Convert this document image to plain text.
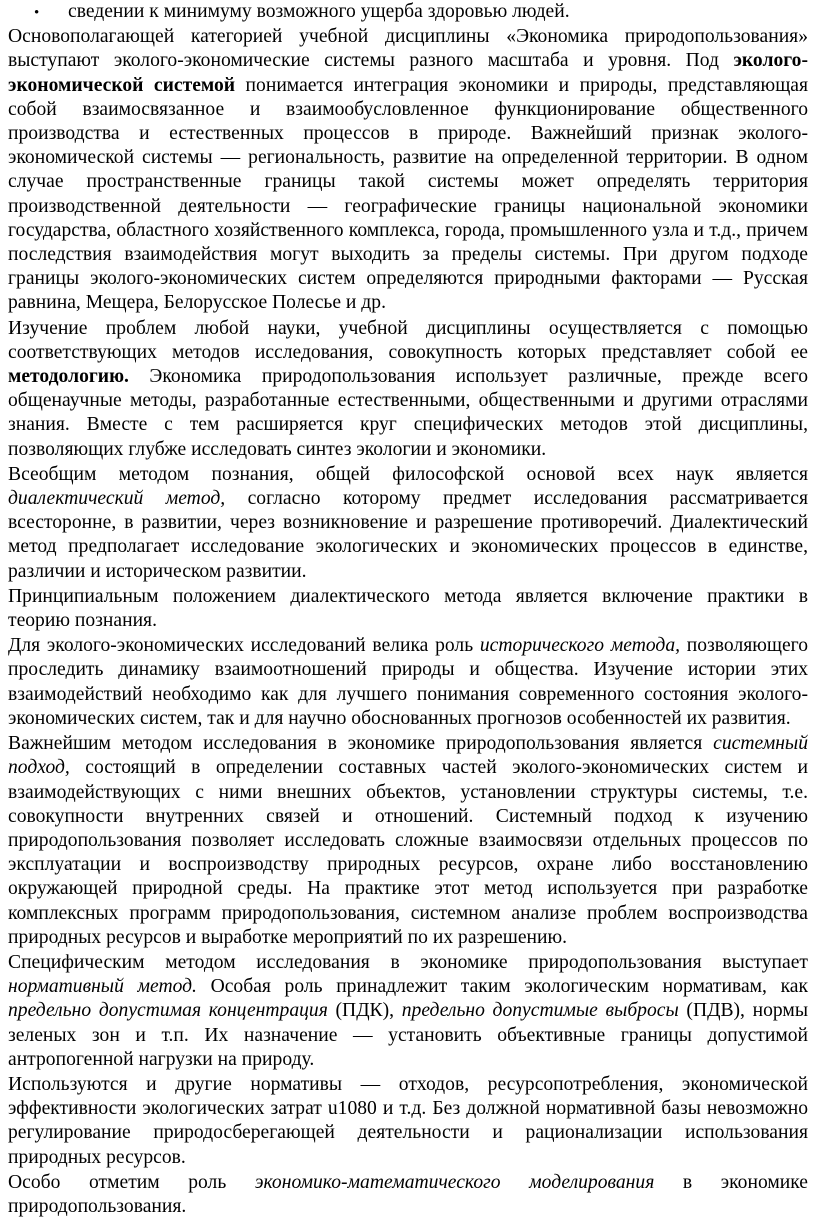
•	сведении к минимуму возможного ущерба здоровью людей.

Основополагающей категорией учебной дисциплины «Экономика природопользования» выступают эколого-экономические системы разного масштаба и уровня. Под эколого-экономической системой понимается интеграция экономики и природы, представляющая собой взаимосвязанное и взаимообусловленное функционирование общественного производства и естественных процессов в природе. Важнейший признак эколого-экономической системы — региональность, развитие на определенной территории. В одном случае пространственные границы такой системы может определять территория производственной деятельности — географические границы национальной экономики государства, областного хозяйственного комплекса, города, промышленного узла и т.д., причем последствия взаимодействия могут выходить за пределы системы. При другом подходе границы эколого-экономических систем определяются природными факторами — Русская равнина, Мещера, Белорусское Полесье и др.

Изучение проблем любой науки, учебной дисциплины осуществляется с помощью соответствующих методов исследования, совокупность которых представляет собой ее методологию. Экономика природопользования использует различные, прежде всего общенаучные методы, разработанные естественными, общественными и другими отраслями знания. Вместе с тем расширяется круг специфических методов этой дисциплины, позволяющих глубже исследовать синтез экологии и экономики.

Всеобщим методом познания, общей философской основой всех наук является диалектический метод, согласно которому предмет исследования рассматривается всесторонне, в развитии, через возникновение и разрешение противоречий. Диалектический метод предполагает исследование экологических и экономических процессов в единстве, различии и историческом развитии.

Принципиальным положением диалектического метода является включение практики в теорию познания.

Для эколого-экономических исследований велика роль исторического метода, позволяющего проследить динамику взаимоотношений природы и общества. Изучение истории этих взаимодействий необходимо как для лучшего понимания современного состояния эколого-экономических систем, так и для научно обоснованных прогнозов особенностей их развития.

Важнейшим методом исследования в экономике природопользования является системный подход, состоящий в определении составных частей эколого-экономических систем и взаимодействующих с ними внешних объектов, установлении структуры системы, т.е. совокупности внутренних связей и отношений. Системный подход к изучению природопользования позволяет исследовать сложные взаимосвязи отдельных процессов по эксплуатации и воспроизводству природных ресурсов, охране либо восстановлению окружающей природной среды. На практике этот метод используется при разработке комплексных программ природопользования, системном анализе проблем воспроизводства природных ресурсов и выработке мероприятий по их разрешению.

Специфическим методом исследования в экономике природопользования выступает нормативный метод. Особая роль принадлежит таким экологическим нормативам, как предельно допустимая концентрация (ПДК), предельно допустимые выбросы (ПДВ), нормы зеленых зон и т.п. Их назначение — установить объективные границы допустимой антропогенной нагрузки на природу.

Используются и другие нормативы — отходов, ресурсопотребления, экономической эффективности экологических затрат u1080 и т.д. Без должной нормативной базы невозможно регулирование природосберегающей деятельности и рационализации использования природных ресурсов.

Особо отметим роль экономико-математического моделирования в экономике природопользования.
